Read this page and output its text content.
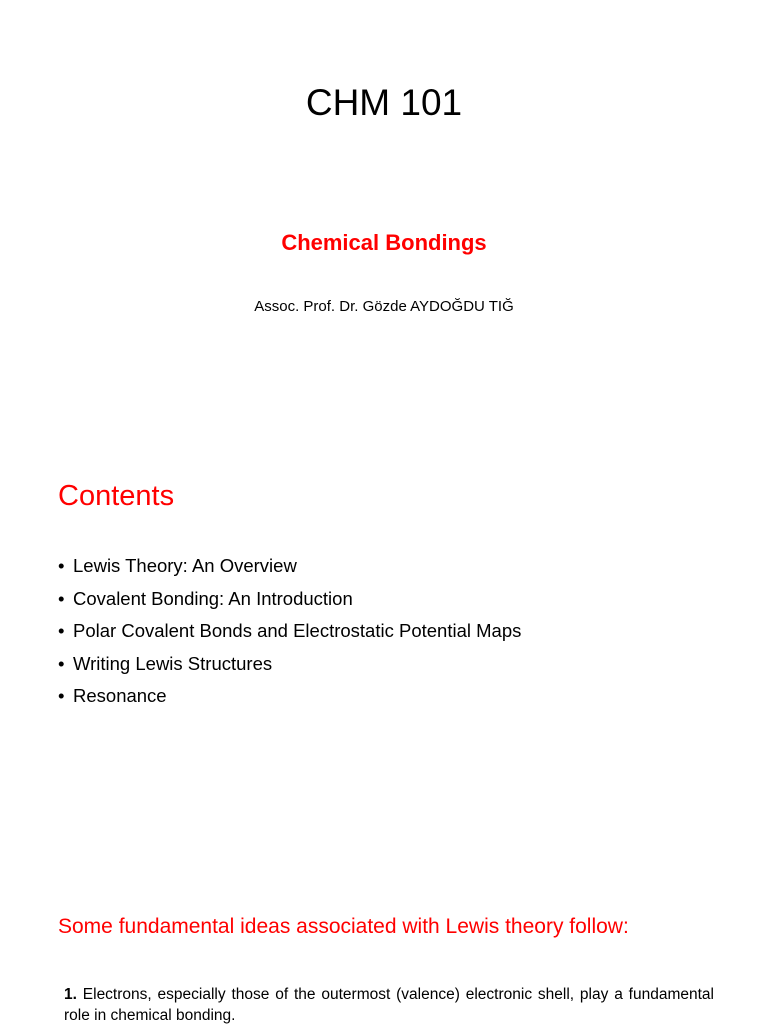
CHM 101
Chemical Bondings
Assoc. Prof. Dr. Gözde AYDOĞDU TIĞ
Contents
• Lewis Theory: An Overview
• Covalent Bonding: An Introduction
• Polar Covalent Bonds and Electrostatic Potential Maps
• Writing Lewis Structures
• Resonance
Some fundamental ideas associated with Lewis theory follow:

1. Electrons, especially those of the outermost (valence) electronic shell, play a fundamental role in chemical bonding.
